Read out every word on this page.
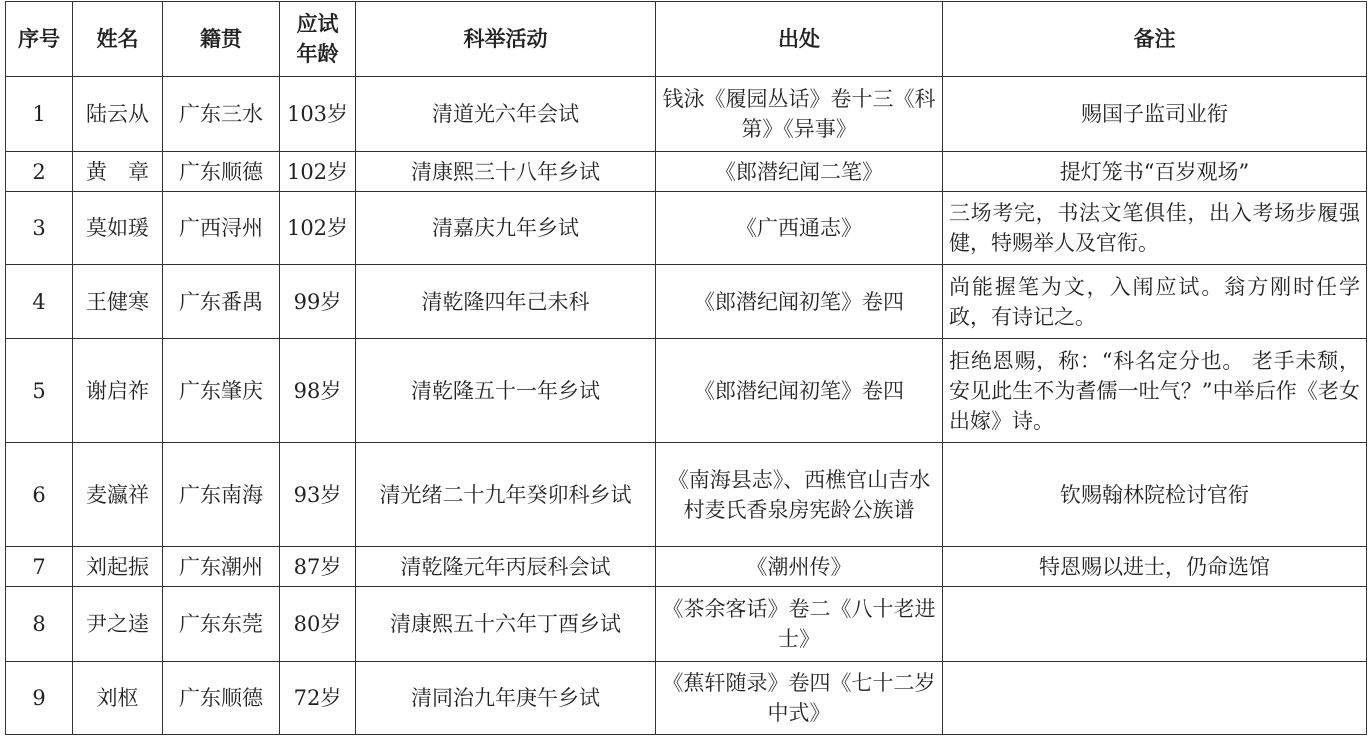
序号	姓名	籍贯	应试年龄	科举活动	出处	备注
1	陆云从	广东三水	103岁	清道光六年会试	钱泳《履园丛话》卷十三《科第》《异事》	赐国子监司业衔
2	黄　章	广东顺德	102岁	清康熙三十八年乡试	《郎潜纪闻二笔》	提灯笼书“百岁观场”
3	莫如瑗	广西浔州	102岁	清嘉庆九年乡试	《广西通志》	三场考完，书法文笔俱佳，出入考场步履强健，特赐举人及官衔。
4	王健寒	广东番禺	99岁	清乾隆四年己未科	《郎潜纪闻初笔》卷四	尚能握笔为文，入闱应试。翁方刚时任学政，有诗记之。
5	谢启祚	广东肇庆	98岁	清乾隆五十一年乡试	《郎潜纪闻初笔》卷四	拒绝恩赐，称：“科名定分也。 老手未颓，安见此生不为耆儒一吐气？”中举后作《老女出嫁》诗。
6	麦瀛祥	广东南海	93岁	清光绪二十九年癸卯科乡试	《南海县志》、西樵官山吉水村麦氏香泉房宪龄公族谱	钦赐翰林院检讨官衔
7	刘起振	广东潮州	87岁	清乾隆元年丙辰科会试	《潮州传》	特恩赐以进士，仍命选馆
8	尹之逵	广东东莞	80岁	清康熙五十六年丁酉乡试	《茶余客话》卷二《八十老进士》	
9	刘枢	广东顺德	72岁	清同治九年庚午乡试	《蕉轩随录》卷四《七十二岁中式》	
